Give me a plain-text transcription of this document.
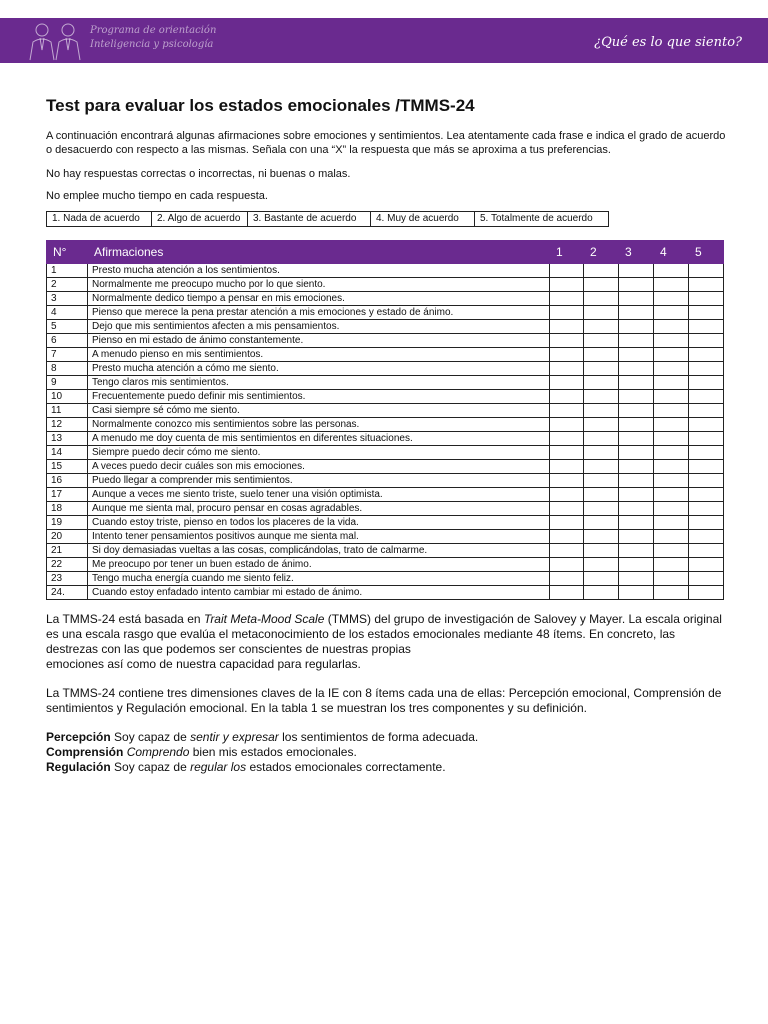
Programa de orientación
Inteligencia y psicología	¿Qué es lo que siento?
Test para evaluar los estados emocionales /TMMS-24

A continuación encontrará algunas afirmaciones sobre emociones y sentimientos. Lea atentamente cada frase e indica el grado de acuerdo o desacuerdo con respecto a las mismas. Señala con una “X” la respuesta que más se aproxima a tus preferencias.

No hay respuestas correctas o incorrectas, ni buenas o malas.

No emplee mucho tiempo en cada respuesta.

1. Nada de acuerdo	2. Algo de acuerdo	3. Bastante de acuerdo	4. Muy de acuerdo	5. Totalmente de acuerdo
N°	Afirmaciones	1	2	3	4	5
1	Presto mucha atención a los sentimientos.					
2	Normalmente me preocupo mucho por lo que siento.					
3	Normalmente dedico tiempo a pensar en mis emociones.					
4	Pienso que merece la pena prestar atención a mis emociones y estado de ánimo.					
5	Dejo que mis sentimientos afecten a mis pensamientos.					
6	Pienso en mi estado de ánimo constantemente.					
7	A menudo pienso en mis sentimientos.					
8	Presto mucha atención a cómo me siento.					
9	Tengo claros mis sentimientos.					
10	Frecuentemente puedo definir mis sentimientos.					
11	Casi siempre sé cómo me siento.					
12	Normalmente conozco mis sentimientos sobre las personas.					
13	A menudo me doy cuenta de mis sentimientos en diferentes situaciones.					
14	Siempre puedo decir cómo me siento.					
15	A veces puedo decir cuáles son mis emociones.					
16	Puedo llegar a comprender mis sentimientos.					
17	Aunque a veces me siento triste, suelo tener una visión optimista.					
18	Aunque me sienta mal, procuro pensar en cosas agradables.					
19	Cuando estoy triste, pienso en todos los placeres de la vida.					
20	Intento tener pensamientos positivos aunque me sienta mal.					
21	Si doy demasiadas vueltas a las cosas, complicándolas, trato de calmarme.					
22	Me preocupo por tener un buen estado de ánimo.					
23	Tengo mucha energía cuando me siento feliz.					
24.	Cuando estoy enfadado intento cambiar mi estado de ánimo.					

La TMMS-24 está basada en Trait Meta-Mood Scale (TMMS) del grupo de investigación de Salovey y Mayer. La escala original es una escala rasgo que evalúa el metaconocimiento de los estados emocionales mediante 48 ítems. En concreto, las destrezas con las que podemos ser conscientes de nuestras propias
emociones así como de nuestra capacidad para regularlas.

La TMMS-24 contiene tres dimensiones claves de la IE con 8 ítems cada una de ellas: Percepción emocional, Comprensión de sentimientos y Regulación emocional. En la tabla 1 se muestran los tres componentes y su definición.

Percepción Soy capaz de sentir y expresar los sentimientos de forma adecuada.

Comprensión Comprendo bien mis estados emocionales.

Regulación Soy capaz de regular los estados emocionales correctamente.
